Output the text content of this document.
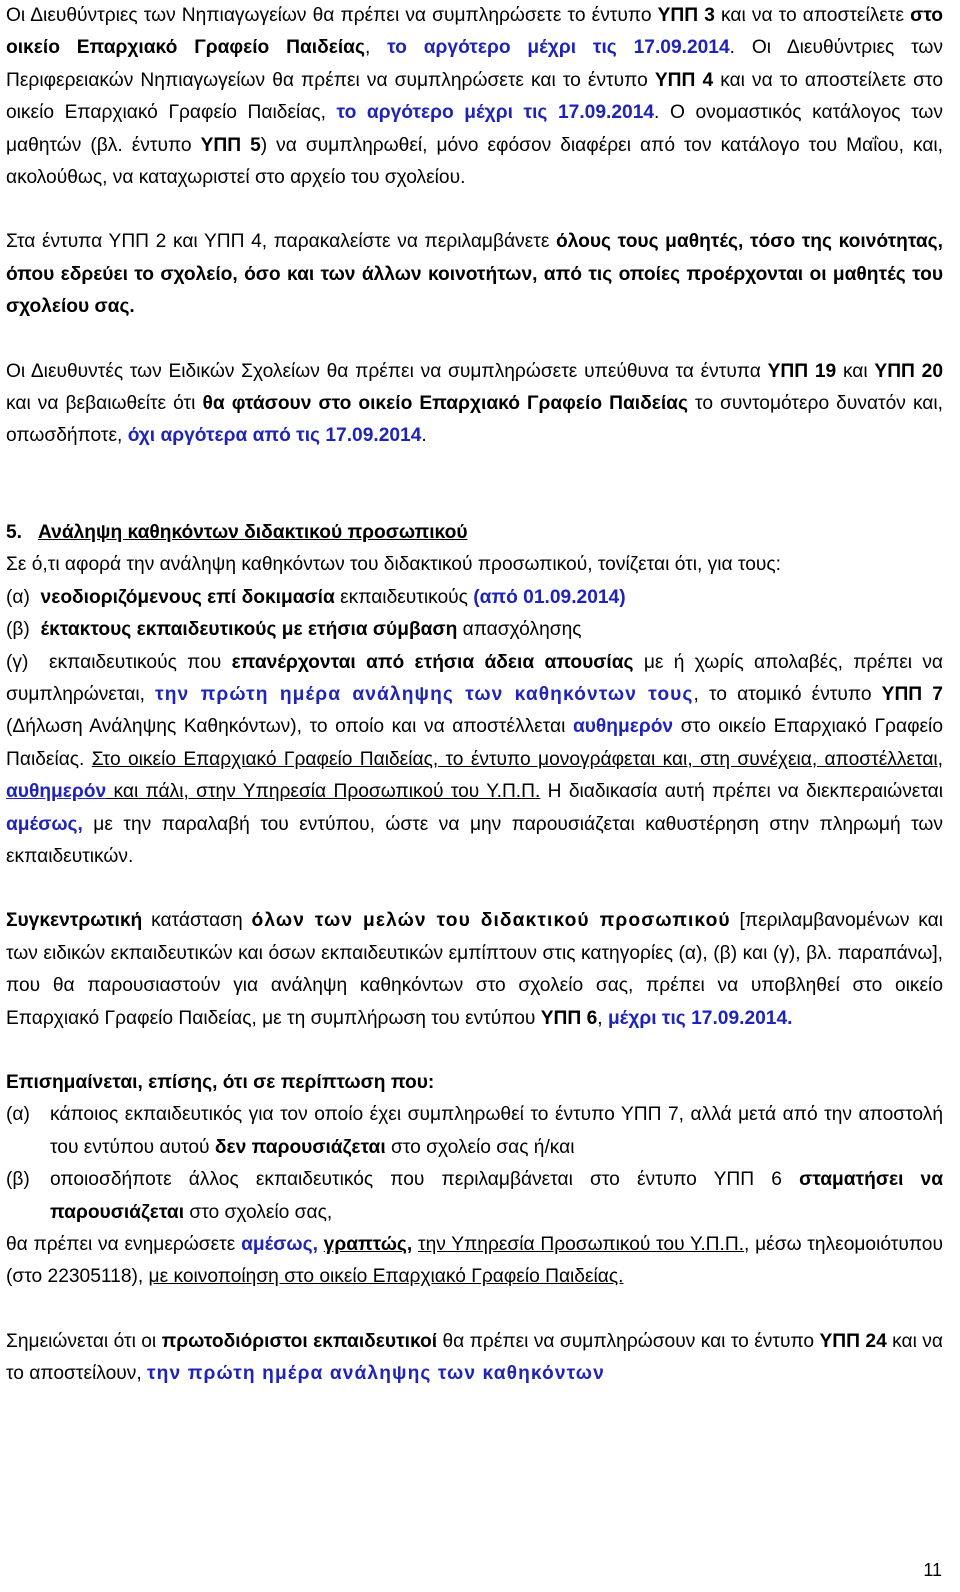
Οι Διευθύντριες των Νηπιαγωγείων θα πρέπει να συμπληρώσετε το έντυπο ΥΠΠ 3 και να το αποστείλετε στο οικείο Επαρχιακό Γραφείο Παιδείας, το αργότερο μέχρι τις 17.09.2014. Οι Διευθύντριες των Περιφερειακών Νηπιαγωγείων θα πρέπει να συμπληρώσετε και το έντυπο ΥΠΠ 4 και να το αποστείλετε στο οικείο Επαρχιακό Γραφείο Παιδείας, το αργότερο μέχρι τις 17.09.2014. Ο ονομαστικός κατάλογος των μαθητών (βλ. έντυπο ΥΠΠ 5) να συμπληρωθεί, μόνο εφόσον διαφέρει από τον κατάλογο του Μαΐου, και, ακολούθως, να καταχωριστεί στο αρχείο του σχολείου.

Στα έντυπα ΥΠΠ 2 και ΥΠΠ 4, παρακαλείστε να περιλαμβάνετε όλους τους μαθητές, τόσο της κοινότητας, όπου εδρεύει το σχολείο, όσο και των άλλων κοινοτήτων, από τις οποίες προέρχονται οι μαθητές του σχολείου σας.

Οι Διευθυντές των Ειδικών Σχολείων θα πρέπει να συμπληρώσετε υπεύθυνα τα έντυπα ΥΠΠ 19 και ΥΠΠ 20 και να βεβαιωθείτε ότι θα φτάσουν στο οικείο Επαρχιακό Γραφείο Παιδείας το συντομότερο δυνατόν και, οπωσδήποτε, όχι αργότερα από τις 17.09.2014.

5. Ανάληψη καθηκόντων διδακτικού προσωπικού

Σε ό,τι αφορά την ανάληψη καθηκόντων του διδακτικού προσωπικού, τονίζεται ότι, για τους:

(α) νεοδιοριζόμενους επί δοκιμασία εκπαιδευτικούς (από 01.09.2014)

(β) έκτακτους εκπαιδευτικούς με ετήσια σύμβαση απασχόλησης

(γ) εκπαιδευτικούς που επανέρχονται από ετήσια άδεια απουσίας με ή χωρίς απολαβές, πρέπει να συμπληρώνεται, την πρώτη ημέρα ανάληψης των καθηκόντων τους, το ατομικό έντυπο ΥΠΠ 7 (Δήλωση Ανάληψης Καθηκόντων), το οποίο και να αποστέλλεται αυθημερόν στο οικείο Επαρχιακό Γραφείο Παιδείας. Στο οικείο Επαρχιακό Γραφείο Παιδείας, το έντυπο μονογράφεται και, στη συνέχεια, αποστέλλεται, αυθημερόν και πάλι, στην Υπηρεσία Προσωπικού του Υ.Π.Π. Η διαδικασία αυτή πρέπει να διεκπεραιώνεται αμέσως, με την παραλαβή του εντύπου, ώστε να μην παρουσιάζεται καθυστέρηση στην πληρωμή των εκπαιδευτικών.

Συγκεντρωτική κατάσταση όλων των μελών του διδακτικού προσωπικού [περιλαμβανομένων και των ειδικών εκπαιδευτικών και όσων εκπαιδευτικών εμπίπτουν στις κατηγορίες (α), (β) και (γ), βλ. παραπάνω], που θα παρουσιαστούν για ανάληψη καθηκόντων στο σχολείο σας, πρέπει να υποβληθεί στο οικείο Επαρχιακό Γραφείο Παιδείας, με τη συμπλήρωση του εντύπου ΥΠΠ 6, μέχρι τις 17.09.2014.

Επισημαίνεται, επίσης, ότι σε περίπτωση που:

(α)	κάποιος εκπαιδευτικός για τον οποίο έχει συμπληρωθεί το έντυπο ΥΠΠ 7, αλλά μετά από την αποστολή του εντύπου αυτού δεν παρουσιάζεται στο σχολείο σας ή/και

(β)	οποιοσδήποτε άλλος εκπαιδευτικός που περιλαμβάνεται στο έντυπο ΥΠΠ 6 σταματήσει να παρουσιάζεται στο σχολείο σας,

θα πρέπει να ενημερώσετε αμέσως, γραπτώς, την Υπηρεσία Προσωπικού του Υ.Π.Π., μέσω τηλεομοιότυπου (στο 22305118), με κοινοποίηση στο οικείο Επαρχιακό Γραφείο Παιδείας.

Σημειώνεται ότι οι πρωτοδιόριστοι εκπαιδευτικοί θα πρέπει να συμπληρώσουν και το έντυπο ΥΠΠ 24 και να το αποστείλουν, την πρώτη ημέρα ανάληψης των καθηκόντων

11
